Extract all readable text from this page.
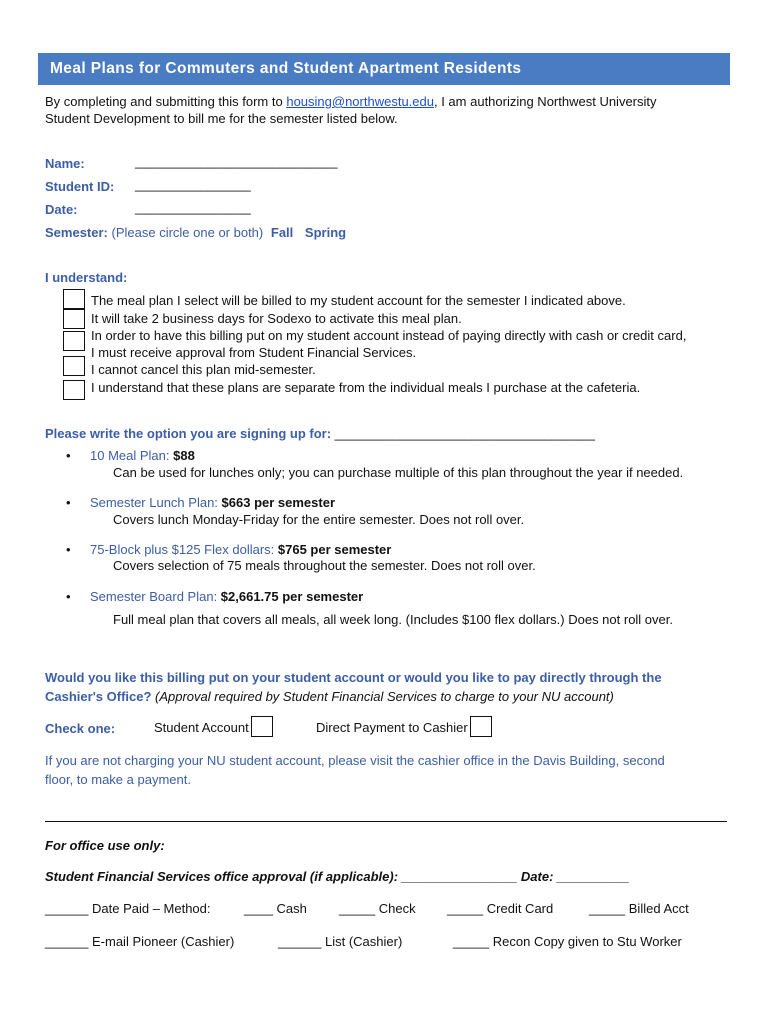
Meal Plans for Commuters and Student Apartment Residents
By completing and submitting this form to housing@northwestu.edu, I am authorizing Northwest University
Student Development to bill me for the semester listed below.
Name:	____________________________
Student ID: ________________
Date:	________________
Semester: (Please circle one or both) Fall Spring
I understand:
The meal plan I select will be billed to my student account for the semester I indicated above.
It will take 2 business days for Sodexo to activate this meal plan.
In order to have this billing put on my student account instead of paying directly with cash or credit card,
I must receive approval from Student Financial Services.
I cannot cancel this plan mid-semester.
I understand that these plans are separate from the individual meals I purchase at the cafeteria.
Please write the option you are signing up for: ____________________________________
• 10 Meal Plan: $88
Can be used for lunches only; you can purchase multiple of this plan throughout the year if needed.
• Semester Lunch Plan: $663 per semester
Covers lunch Monday-Friday for the entire semester. Does not roll over.
• 75-Block plus $125 Flex dollars: $765 per semester
Covers selection of 75 meals throughout the semester. Does not roll over.
• Semester Board Plan: $2,661.75 per semester
Full meal plan that covers all meals, all week long. (Includes $100 flex dollars.) Does not roll over.
Would you like this billing put on your student account or would you like to pay directly through the
Cashier's Office? (Approval required by Student Financial Services to charge to your NU account)
Check one:	Student Account	Direct Payment to Cashier
If you are not charging your NU student account, please visit the cashier office in the Davis Building, second
floor, to make a payment.
For office use only:
Student Financial Services office approval (if applicable): ________________ Date: __________
______ Date Paid – Method:	____ Cash _____ Check _____ Credit Card	_____ Billed Acct
______ E-mail Pioneer (Cashier)	______ List (Cashier)	_____ Recon Copy given to Stu Worker
